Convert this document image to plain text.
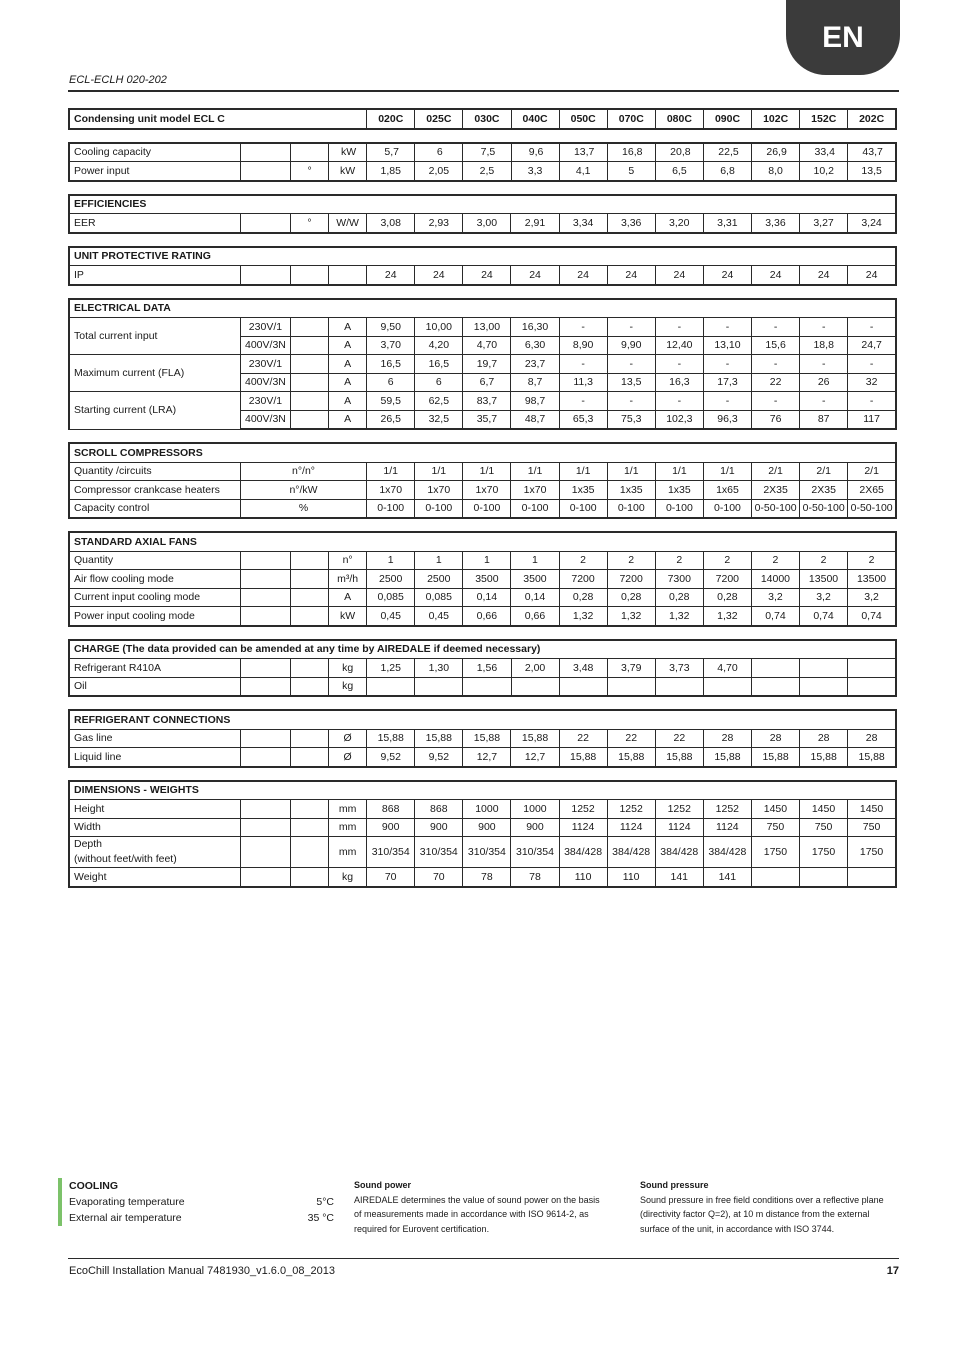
EN
ECL-ECLH 020-202
Condensing unit model ECL C	020C	025C	030C	040C	050C	070C	080C	090C	102C	152C	202C
Cooling capacity			kW	5,7	6	7,5	9,6	13,7	16,8	20,8	22,5	26,9	33,4	43,7
Power input		°	kW	1,85	2,05	2,5	3,3	4,1	5	6,5	6,8	8,0	10,2	13,5
EFFICIENCIES
EER		°	W/W	3,08	2,93	3,00	2,91	3,34	3,36	3,20	3,31	3,36	3,27	3,24
UNIT PROTECTIVE RATING
IP				24	24	24	24	24	24	24	24	24	24	24
ELECTRICAL DATA														
Total current input	230V/1		A	9,50	10,00	13,00	16,30	-	-	-	-	-	-	-
	400V/3N		A	3,70	4,20	4,70	6,30	8,90	9,90	12,40	13,10	15,6	18,8	24,7
Maximum current (FLA)	230V/1		A	16,5	16,5	19,7	23,7	-	-	-	-	-	-	-
	400V/3N		A	6	6	6,7	8,7	11,3	13,5	16,3	17,3	22	26	32
Starting current (LRA)	230V/1		A	59,5	62,5	83,7	98,7	-	-	-	-	-	-	-
	400V/3N		A	26,5	32,5	35,7	48,7	65,3	75,3	102,3	96,3	76	87	117
SCROLL COMPRESSORS												
Quantity /circuits	n°/n°	1/1	1/1	1/1	1/1	1/1	1/1	1/1	1/1	2/1	2/1	2/1
Compressor crankcase heaters	n°/kW	1x70	1x70	1x70	1x70	1x35	1x35	1x35	1x65	2X35	2X35	2X65
Capacity control	%	0-100	0-100	0-100	0-100	0-100	0-100	0-100	0-100	0-50-100	0-50-100	0-50-100
STANDARD AXIAL FANS														
Quantity			n°	1	1	1	1	2	2	2	2	2	2	2
Air flow cooling mode			m³/h	2500	2500	3500	3500	7200	7200	7300	7200	14000	13500	13500
Current input cooling mode			A	0,085	0,085	0,14	0,14	0,28	0,28	0,28	0,28	3,2	3,2	3,2
Power input cooling mode			kW	0,45	0,45	0,66	0,66	1,32	1,32	1,32	1,32	0,74	0,74	0,74
CHARGE (The data provided can be amended at any time by AIREDALE if deemed necessary)														
Refrigerant R410A			kg	1,25	1,30	1,56	2,00	3,48	3,79	3,73	4,70			
Oil			kg											
REFRIGERANT CONNECTIONS														
Gas line			Ø	15,88	15,88	15,88	15,88	22	22	22	28	28	28	28
Liquid line			Ø	9,52	9,52	12,7	12,7	15,88	15,88	15,88	15,88	15,88	15,88	15,88
DIMENSIONS - WEIGHTS														
Height			mm	868	868	1000	1000	1252	1252	1252	1252	1450	1450	1450
Width			mm	900	900	900	900	1124	1124	1124	1124	750	750	750

Depth
(without feet/with feet)			mm	310/354	310/354	310/354	310/354	384/428	384/428	384/428	384/428	1750	1750	1750
Weight			kg	70	70	78	78	110	110	141	141			
COOLING
Evaporating temperature	5°C
External air temperature	35 °C
Sound power
AIREDALE determines the value of sound power on the basis of measurements made in accordance with ISO 9614-2, as required for Eurovent certification.
Sound pressure
Sound pressure in free field conditions over a reflective plane (directivity factor Q=2), at 10 m distance from the external surface of the unit, in accordance with ISO 3744.
EcoChill Installation Manual 7481930_v1.6.0_08_2013	17
